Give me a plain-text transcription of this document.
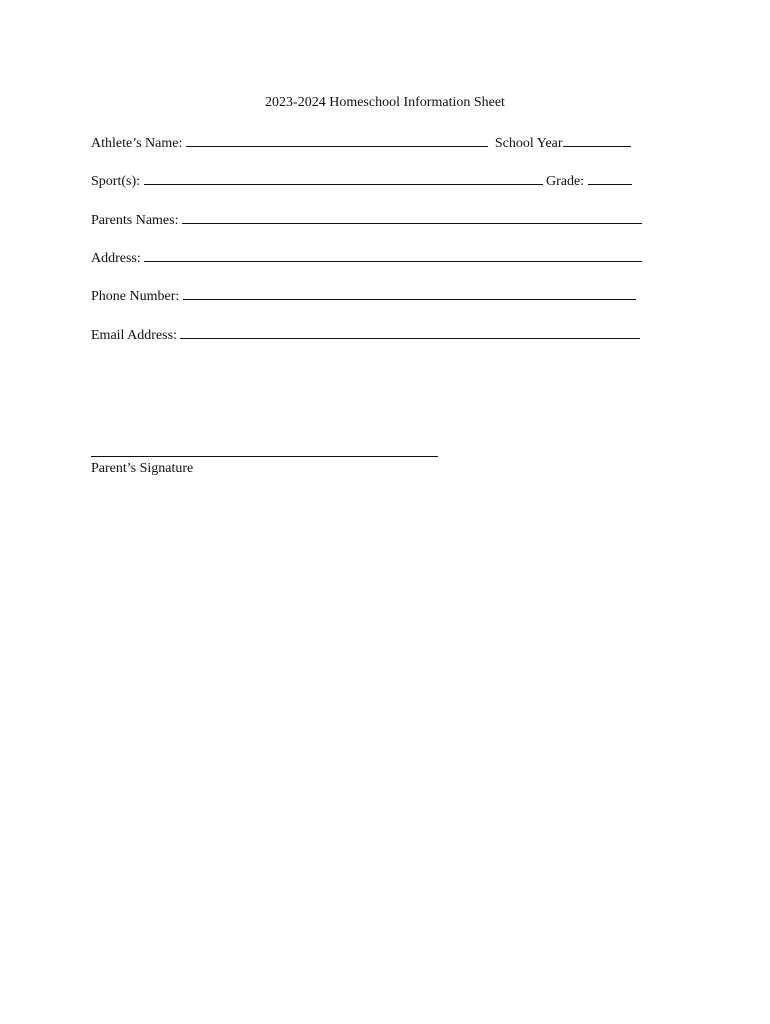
2023-2024 Homeschool Information Sheet
Athlete’s Name:	School Year
Sport(s):	Grade:
Parents Names:
Address:
Phone Number:
Email Address:
Parent’s Signature
